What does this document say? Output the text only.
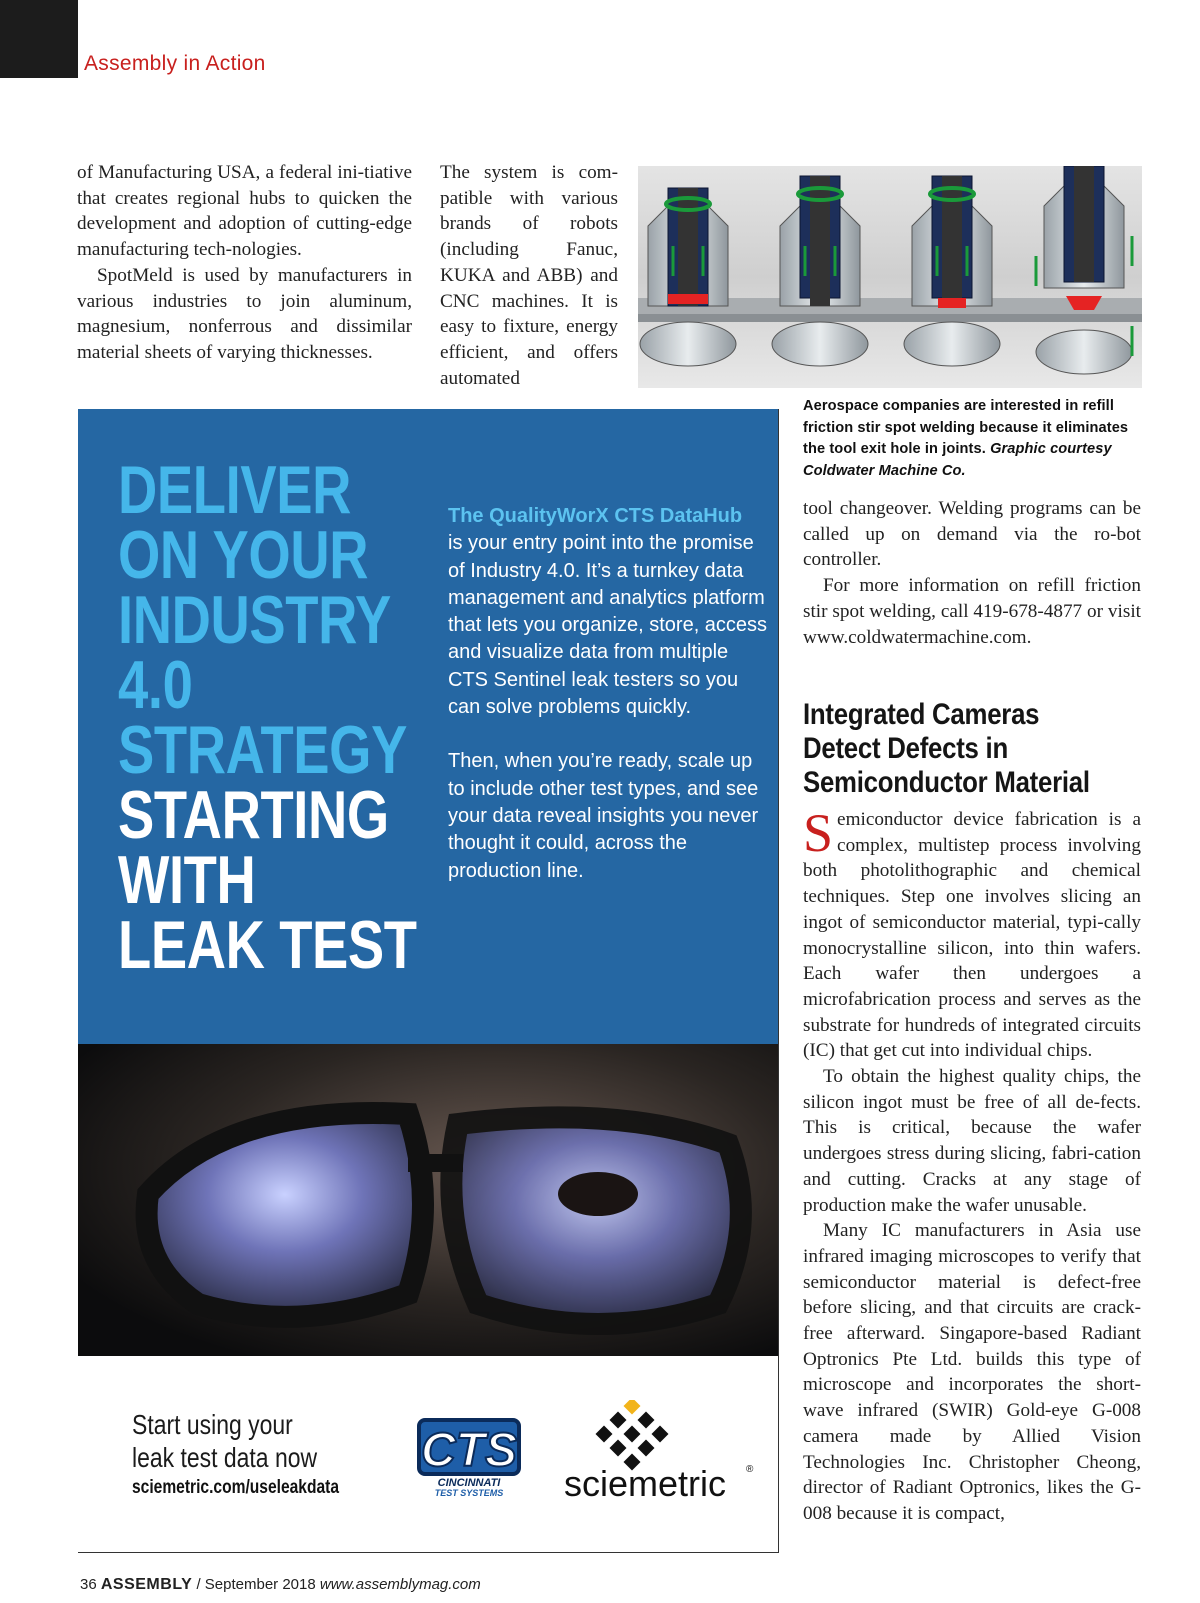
Assembly in Action

of Manufacturing USA, a federal ini-tiative that creates regional hubs to quicken the development and adoption of cutting-edge manufacturing tech-nologies.

SpotMeld is used by manufacturers in various industries to join aluminum, magnesium, nonferrous and dissimilar material sheets of varying thicknesses.

The system is com-patible with various brands of robots (including Fanuc, KUKA and ABB) and CNC machines. It is easy to fixture, energy efficient, and offers automated

Aerospace companies are interested in refill friction stir spot welding because it eliminates the tool exit hole in joints. Graphic courtesy Coldwater Machine Co.

tool changeover. Welding programs can be called up on demand via the ro-bot controller.

For more information on refill friction stir spot welding, call 419-678-4877 or visit www.coldwatermachine.com.

Integrated Cameras
Detect Defects in
Semiconductor Material

Semiconductor device fabrication is a complex, multistep process involving both photolithographic and chemical techniques. Step one involves slicing an ingot of semiconductor material, typi-cally monocrystalline silicon, into thin wafers. Each wafer then undergoes a microfabrication process and serves as the substrate for hundreds of integrated circuits (IC) that get cut into individual chips.

To obtain the highest quality chips, the silicon ingot must be free of all de-fects. This is critical, because the wafer undergoes stress during slicing, fabri-cation and cutting. Cracks at any stage of production make the wafer unusable.

Many IC manufacturers in Asia use infrared imaging microscopes to verify that semiconductor material is defect-free before slicing, and that circuits are crack-free afterward. Singapore-based Radiant Optronics Pte Ltd. builds this type of microscope and incorporates the short-wave infrared (SWIR) Gold-eye G-008 camera made by Allied Vision Technologies Inc. Christopher Cheong, director of Radiant Optronics, likes the G-008 because it is compact,

DELIVER
ON YOUR
INDUSTRY
4.0
STRATEGY
STARTING
WITH
LEAK TEST

The QualityWorX CTS DataHub
is your entry point into the promise of Industry 4.0. It’s a turnkey data management and analytics platform that lets you organize, store, access and visualize data from multiple CTS Sentinel leak testers so you can solve problems quickly.

Then, when you’re ready, scale up to include other test types, and see your data reveal insights you never thought it could, across the production line.

Start using your
leak test data now
sciemetric.com/useleakdata
CTS
CINCINNATI
TEST SYSTEMS sciemetric ®
36 ASSEMBLY / September 2018 www.assemblymag.com
